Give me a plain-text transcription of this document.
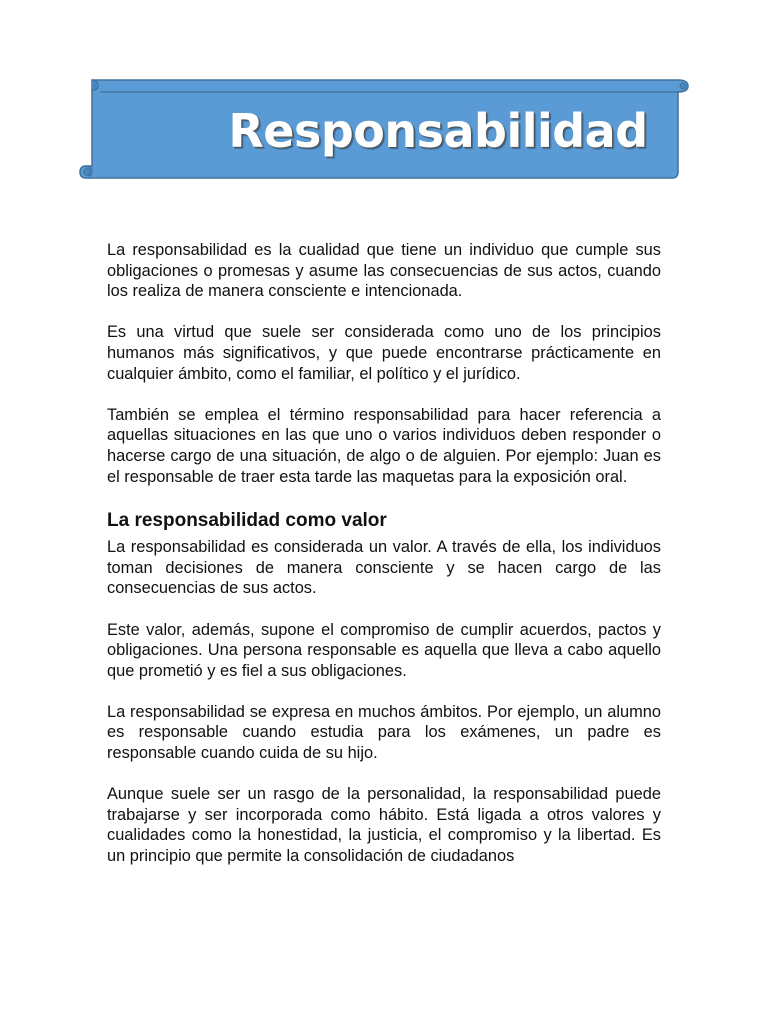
Responsabilidad

La responsabilidad es la cualidad que tiene un individuo que cumple sus obligaciones o promesas y asume las consecuencias de sus actos, cuando los realiza de manera consciente e intencionada.

Es una virtud que suele ser considerada como uno de los principios humanos más significativos, y que puede encontrarse prácticamente en cualquier ámbito, como el familiar, el político y el jurídico.

También se emplea el término responsabilidad para hacer referencia a aquellas situaciones en las que uno o varios individuos deben responder o hacerse cargo de una situación, de algo o de alguien. Por ejemplo: Juan es el responsable de traer esta tarde las maquetas para la exposición oral.

La responsabilidad como valor

La responsabilidad es considerada un valor. A través de ella, los individuos toman decisiones de manera consciente y se hacen cargo de las consecuencias de sus actos.

Este valor, además, supone el compromiso de cumplir acuerdos, pactos y obligaciones. Una persona responsable es aquella que lleva a cabo aquello que prometió y es fiel a sus obligaciones.

La responsabilidad se expresa en muchos ámbitos. Por ejemplo, un alumno es responsable cuando estudia para los exámenes, un padre es responsable cuando cuida de su hijo.

Aunque suele ser un rasgo de la personalidad, la responsabilidad puede trabajarse y ser incorporada como hábito. Está ligada a otros valores y cualidades como la honestidad, la justicia, el compromiso y la libertad. Es un principio que permite la consolidación de ciudadanos
